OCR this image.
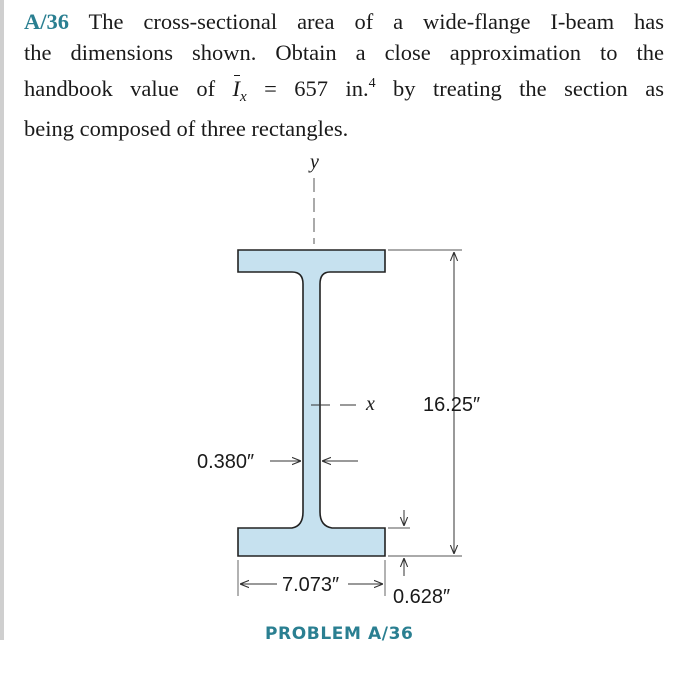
A/36 The cross-sectional area of a wide-flange I-beam has
the dimensions shown. Obtain a close approximation to the
handbook value of $I_x = 657$ in.$^4$ by treating the section as
being composed of three rectangles.
y
x 16.25″
0.380″
0.628″
7.073″
PROBLEM A/36
